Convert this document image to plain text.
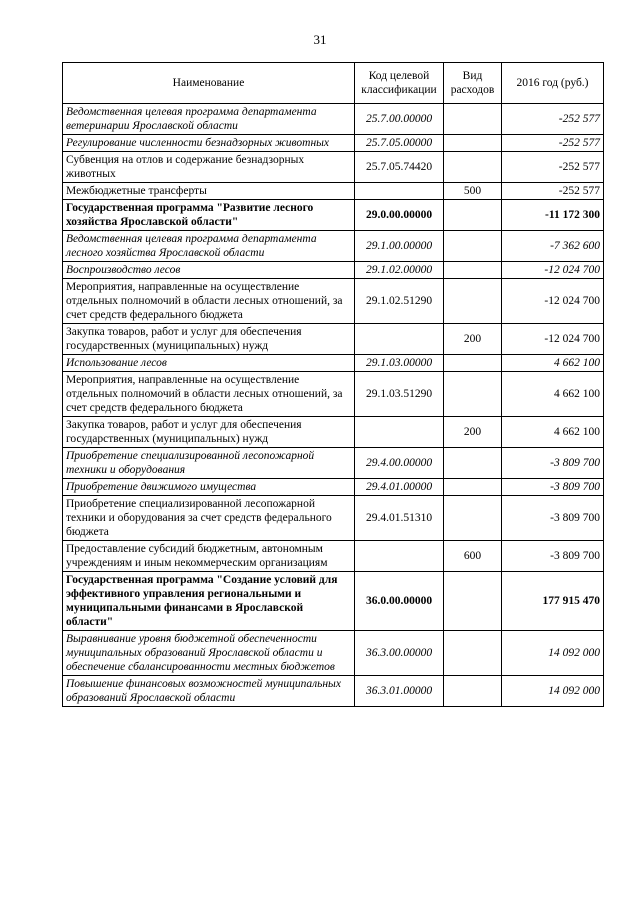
31
Наименование	Код целевой классификации	Вид расходов	2016 год (руб.)
Ведомственная целевая программа департамента ветеринарии Ярославской области	25.7.00.00000		-252 577
Регулирование численности безнадзорных животных	25.7.05.00000		-252 577
Субвенция на отлов и содержание безнадзорных животных	25.7.05.74420		-252 577
Межбюджетные трансферты		500	-252 577
Государственная программа "Развитие лесного хозяйства Ярославской области"	29.0.00.00000		-11 172 300
Ведомственная целевая программа департамента лесного хозяйства Ярославской области	29.1.00.00000		-7 362 600
Воспроизводство лесов	29.1.02.00000		-12 024 700
Мероприятия, направленные на осуществление отдельных полномочий в области лесных отношений, за счет средств федерального бюджета	29.1.02.51290		-12 024 700
Закупка товаров, работ и услуг для обеспечения государственных (муниципальных) нужд		200	-12 024 700
Использование лесов	29.1.03.00000		4 662 100
Мероприятия, направленные на осуществление отдельных полномочий в области лесных отношений, за счет средств федерального бюджета	29.1.03.51290		4 662 100
Закупка товаров, работ и услуг для обеспечения государственных (муниципальных) нужд		200	4 662 100
Приобретение специализированной лесопожарной техники и оборудования	29.4.00.00000		-3 809 700
Приобретение движимого имущества	29.4.01.00000		-3 809 700
Приобретение специализированной лесопожарной техники и оборудования за счет средств федерального бюджета	29.4.01.51310		-3 809 700
Предоставление субсидий бюджетным, автономным учреждениям и иным некоммерческим организациям		600	-3 809 700
Государственная программа "Создание условий для эффективного управления региональными и муниципальными финансами в Ярославской области"	36.0.00.00000		177 915 470
Выравнивание уровня бюджетной обеспеченности муниципальных образований Ярославской области и обеспечение сбалансированности местных бюджетов	36.3.00.00000		14 092 000
Повышение финансовых возможностей муниципальных образований Ярославской области	36.3.01.00000		14 092 000
